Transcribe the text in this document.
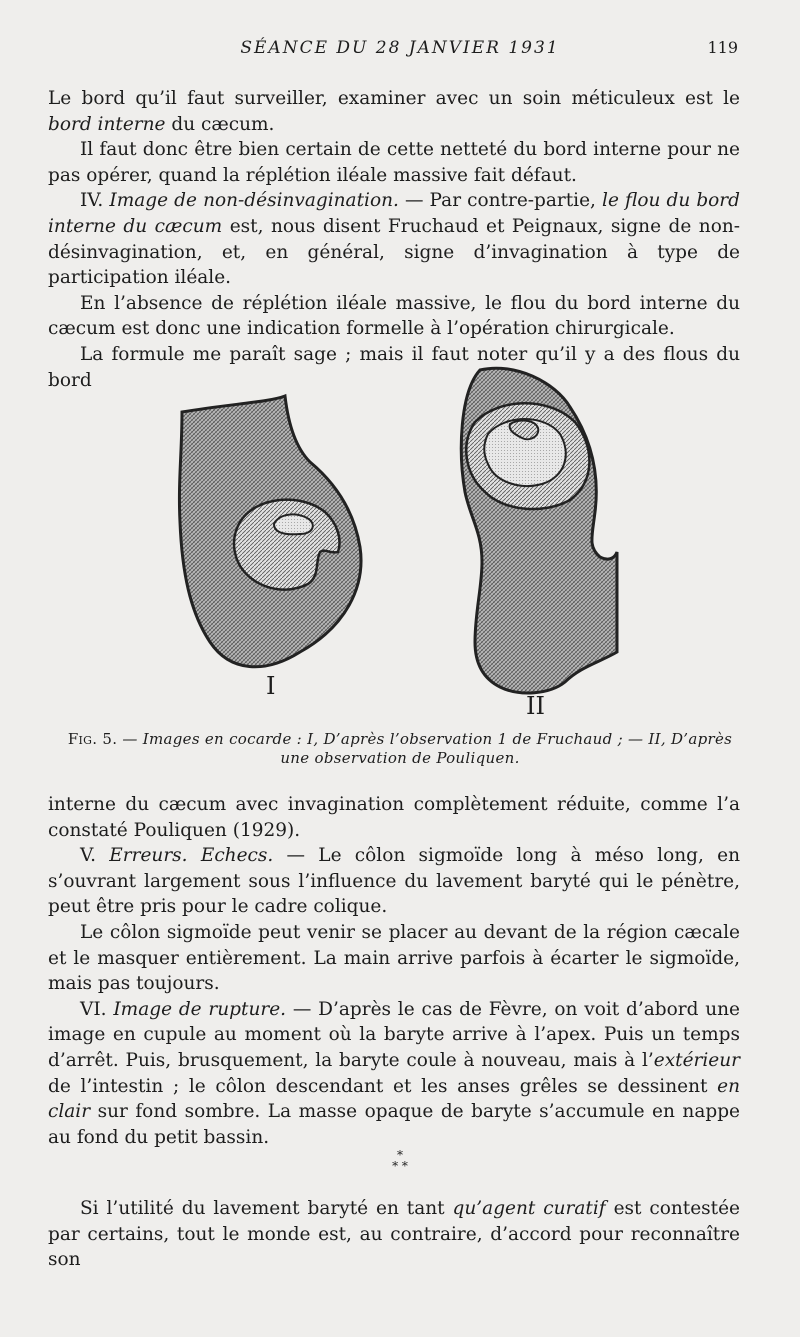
SÉANCE DU 28 JANVIER 1931	119

Le bord qu’il faut surveiller, examiner avec un soin méticuleux est le bord interne du cæcum.

Il faut donc être bien certain de cette netteté du bord interne pour ne pas opérer, quand la réplétion iléale massive fait défaut.

IV. Image de non-désinvagination. — Par contre-partie, le flou du bord interne du cæcum est, nous disent Fruchaud et Peignaux, signe de non-désinvagination, et, en général, signe d’invagination à type de participation iléale.

En l’absence de réplétion iléale massive, le flou du bord interne du cæcum est donc une indication formelle à l’opération chirurgicale.

La formule me paraît sage ; mais il faut noter qu’il y a des flous du bord

I
II
Fig. 5. — Images en cocarde : I, D’après l’observation 1 de Fruchaud ; — II, D’après une observation de Pouliquen.

interne du cæcum avec invagination complètement réduite, comme l’a constaté Pouliquen (1929).

V. Erreurs. Echecs. — Le côlon sigmoïde long à méso long, en s’ouvrant largement sous l’influence du lavement baryté qui le pénètre, peut être pris pour le cadre colique.

Le côlon sigmoïde peut venir se placer au devant de la région cæcale et le masquer entièrement. La main arrive parfois à écarter le sigmoïde, mais pas toujours.

VI. Image de rupture. — D’après le cas de Fèvre, on voit d’abord une image en cupule au moment où la baryte arrive à l’apex. Puis un temps d’arrêt. Puis, brusquement, la baryte coule à nouveau, mais à l’extérieur de l’intestin ; le côlon descendant et les anses grêles se dessinent en clair sur fond sombre. La masse opaque de baryte s’accumule en nappe au fond du petit bassin.

*
* *

Si l’utilité du lavement baryté en tant qu’agent curatif est contestée par certains, tout le monde est, au contraire, d’accord pour reconnaître son
